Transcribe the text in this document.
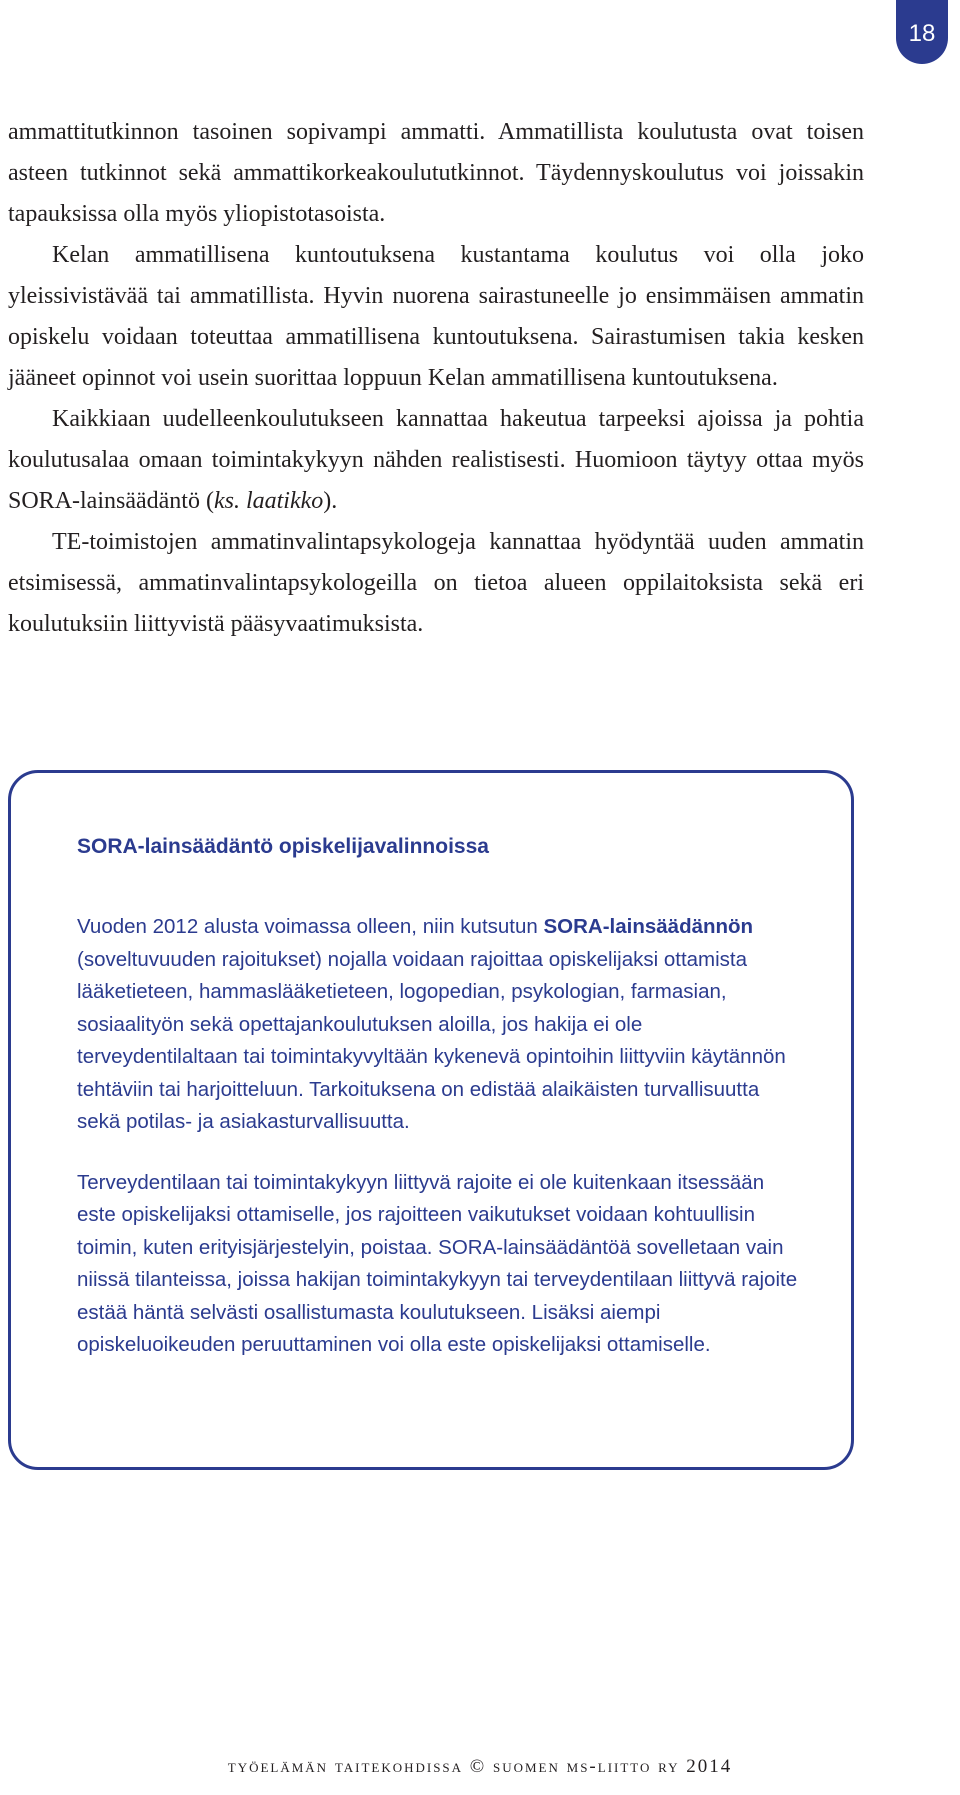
18

ammattitutkinnon tasoinen sopivampi ammatti. Ammatillista koulutusta ovat toisen asteen tutkinnot sekä ammattikorkeakoulututkinnot. Täydennyskoulutus voi joissakin tapauksissa olla myös yliopistotasoista.

Kelan ammatillisena kuntoutuksena kustantama koulutus voi olla joko yleissivistävää tai ammatillista. Hyvin nuorena sairastuneelle jo ensimmäisen ammatin opiskelu voidaan toteuttaa ammatillisena kuntoutuksena. Sairastumisen takia kesken jääneet opinnot voi usein suorittaa loppuun Kelan ammatillisena kuntoutuksena.

Kaikkiaan uudelleenkoulutukseen kannattaa hakeutua tarpeeksi ajoissa ja pohtia koulutusalaa omaan toimintakykyyn nähden realistisesti. Huomioon täytyy ottaa myös SORA-lainsäädäntö (ks. laatikko).

TE-toimistojen ammatinvalintapsykologeja kannattaa hyödyntää uuden ammatin etsimisessä, ammatinvalintapsykologeilla on tietoa alueen oppilaitoksista sekä eri koulutuksiin liittyvistä pääsyvaatimuksista.

SORA-lainsäädäntö opiskelijavalinnoissa

Vuoden 2012 alusta voimassa olleen, niin kutsutun SORA-lainsäädännön (soveltuvuuden rajoitukset) nojalla voidaan rajoittaa opiskelijaksi ottamista lääketieteen, hammaslääketieteen, logopedian, psykologian, farmasian, sosiaalityön sekä opettajankoulutuksen aloilla, jos hakija ei ole terveydentilaltaan tai toimintakyvyltään kykenevä opintoihin liittyviin käytännön tehtäviin tai harjoitteluun. Tarkoituksena on edistää alaikäisten turvallisuutta sekä potilas- ja asiakasturvallisuutta.

Terveydentilaan tai toimintakykyyn liittyvä rajoite ei ole kuitenkaan itsessään este opiskelijaksi ottamiselle, jos rajoitteen vaikutukset voidaan kohtuullisin toimin, kuten erityisjärjestelyin, poistaa. SORA-lainsäädäntöä sovelletaan vain niissä tilanteissa, joissa hakijan toimintakykyyn tai terveydentilaan liittyvä rajoite estää häntä selvästi osallistumasta koulutukseen. Lisäksi aiempi opiskeluoikeuden peruuttaminen voi olla este opiskelijaksi ottamiselle.

työelämän taitekohdissa © suomen ms-liitto ry 2014
